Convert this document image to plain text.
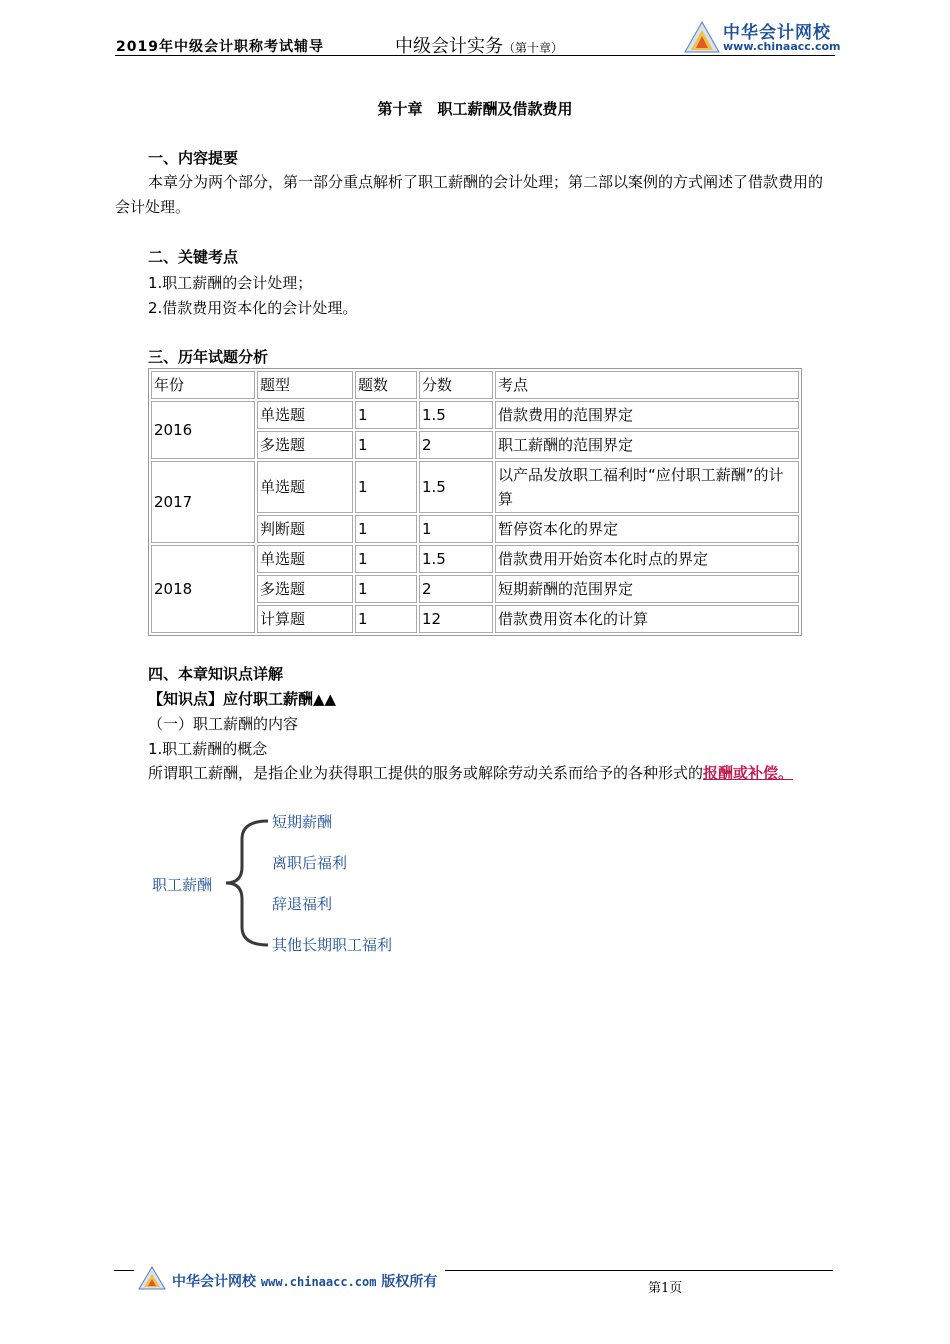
2019年中级会计职称考试辅导	中级会计实务（第十章）
中华会计网校
www.chinaacc.com
第十章　职工薪酬及借款费用
一、内容提要
本章分为两个部分，第一部分重点解析了职工薪酬的会计处理；第二部以案例的方式阐述了借款费用的会计处理。
二、关键考点
1.职工薪酬的会计处理；
2.借款费用资本化的会计处理。
三、历年试题分析
年份	题型	题数	分数	考点
2016	单选题	1	1.5	借款费用的范围界定
	多选题	1	2	职工薪酬的范围界定
2017	单选题	1	1.5	以产品发放职工福利时“应付职工薪酬”的计算
	判断题	1	1	暂停资本化的界定
2018	单选题	1	1.5	借款费用开始资本化时点的界定
	多选题	1	2	短期薪酬的范围界定
	计算题	1	12	借款费用资本化的计算
四、本章知识点详解
【知识点】应付职工薪酬▲▲
（一）职工薪酬的内容
1.职工薪酬的概念
所谓职工薪酬，是指企业为获得职工提供的服务或解除劳动关系而给予的各种形式的报酬或补偿。
职工薪酬
短期薪酬
离职后福利
辞退福利
其他长期职工福利
中华会计网校 www.chinaacc.com 版权所有	第1页
